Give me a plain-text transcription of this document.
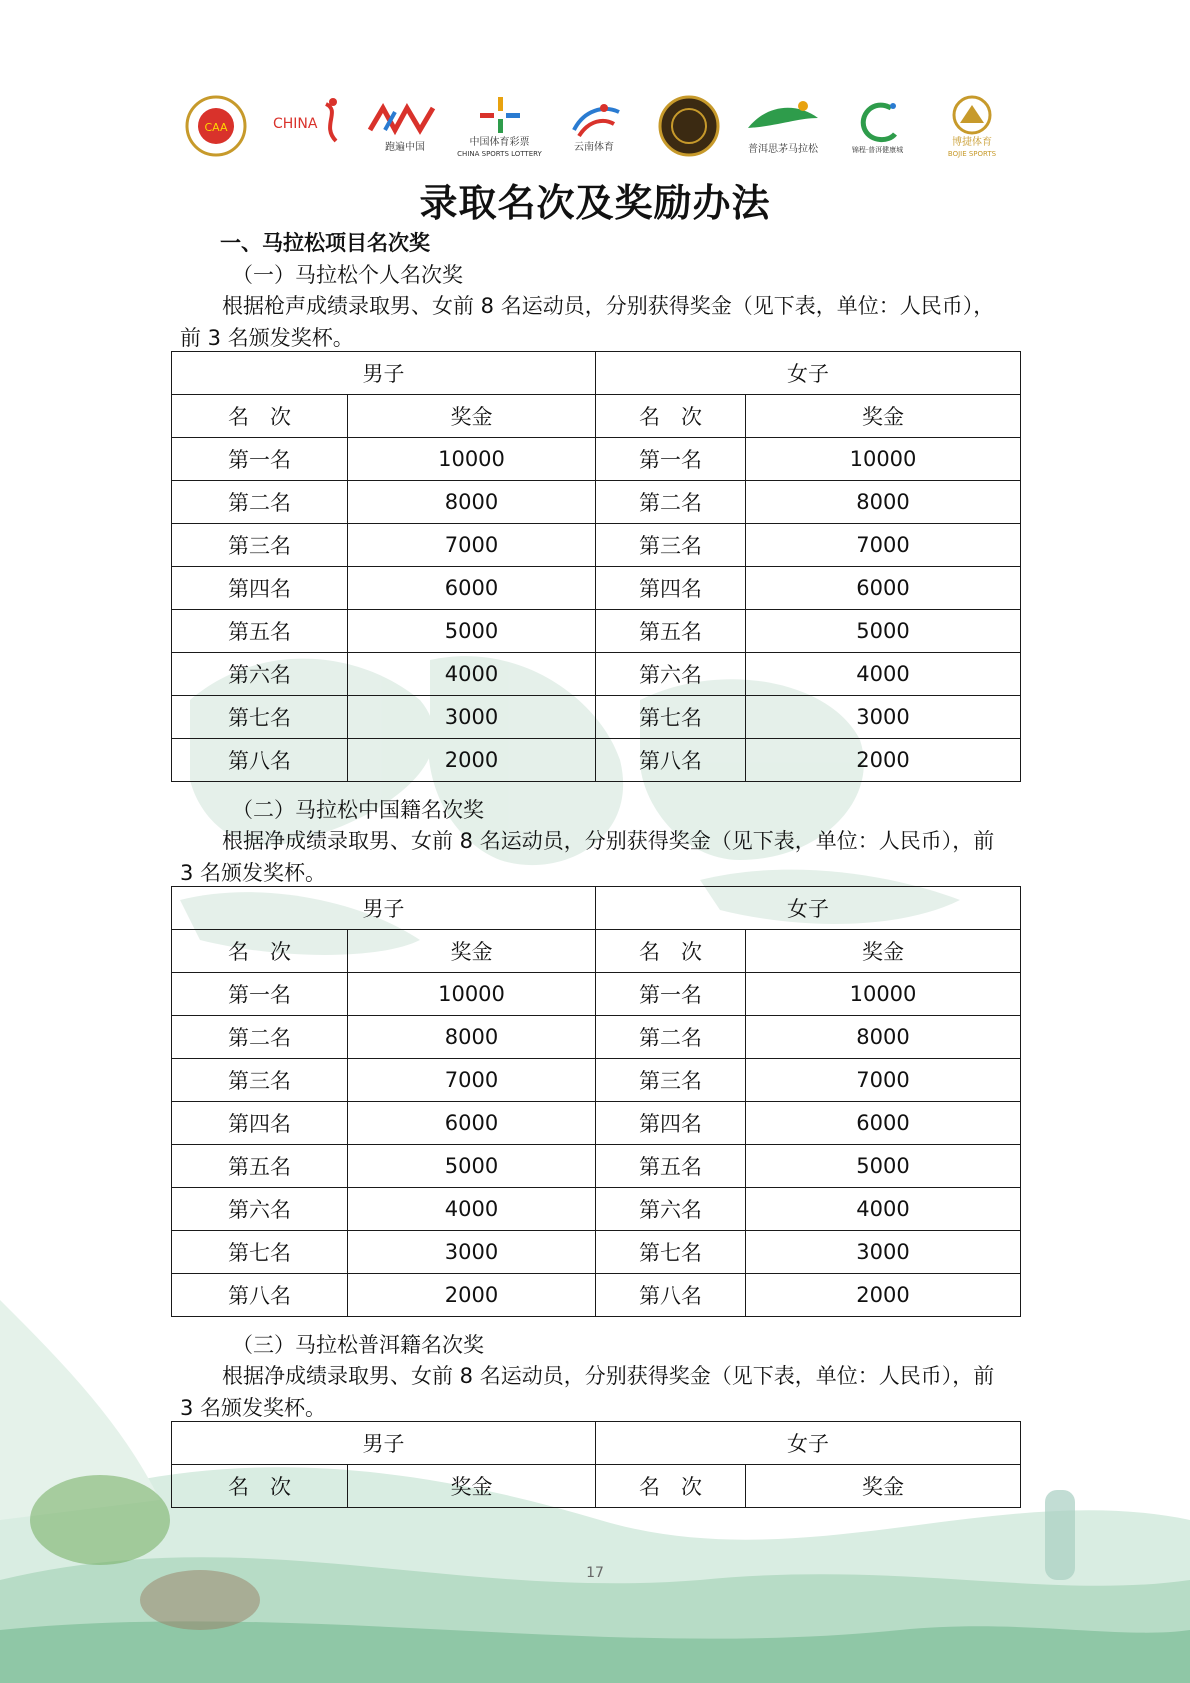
CAA	CHINA
跑遍中国	中国体育彩票
CHINA SPORTS LOTTERY
云南体育	普洱思茅马拉松	锦程·普洱健康城
博捷体育
BOJIE SPORTS
录取名次及奖励办法
一、马拉松项目名次奖
（一）马拉松个人名次奖
根据枪声成绩录取男、女前 8 名运动员，分别获得奖金（见下表，单位：人民币），前 3 名颁发奖杯。
男子		女子	
名　次	奖金	名　次	奖金
第一名	10000	第一名	10000
第二名	8000	第二名	8000
第三名	7000	第三名	7000
第四名	6000	第四名	6000
第五名	5000	第五名	5000
第六名	4000	第六名	4000
第七名	3000	第七名	3000
第八名	2000	第八名	2000
（二）马拉松中国籍名次奖
根据净成绩录取男、女前 8 名运动员，分别获得奖金（见下表，单位：人民币），前 3 名颁发奖杯。
男子		女子	
名　次	奖金	名　次	奖金
第一名	10000	第一名	10000
第二名	8000	第二名	8000
第三名	7000	第三名	7000
第四名	6000	第四名	6000
第五名	5000	第五名	5000
第六名	4000	第六名	4000
第七名	3000	第七名	3000
第八名	2000	第八名	2000
（三）马拉松普洱籍名次奖
根据净成绩录取男、女前 8 名运动员，分别获得奖金（见下表，单位：人民币），前 3 名颁发奖杯。
男子		女子	
名　次	奖金	名　次	奖金
17
